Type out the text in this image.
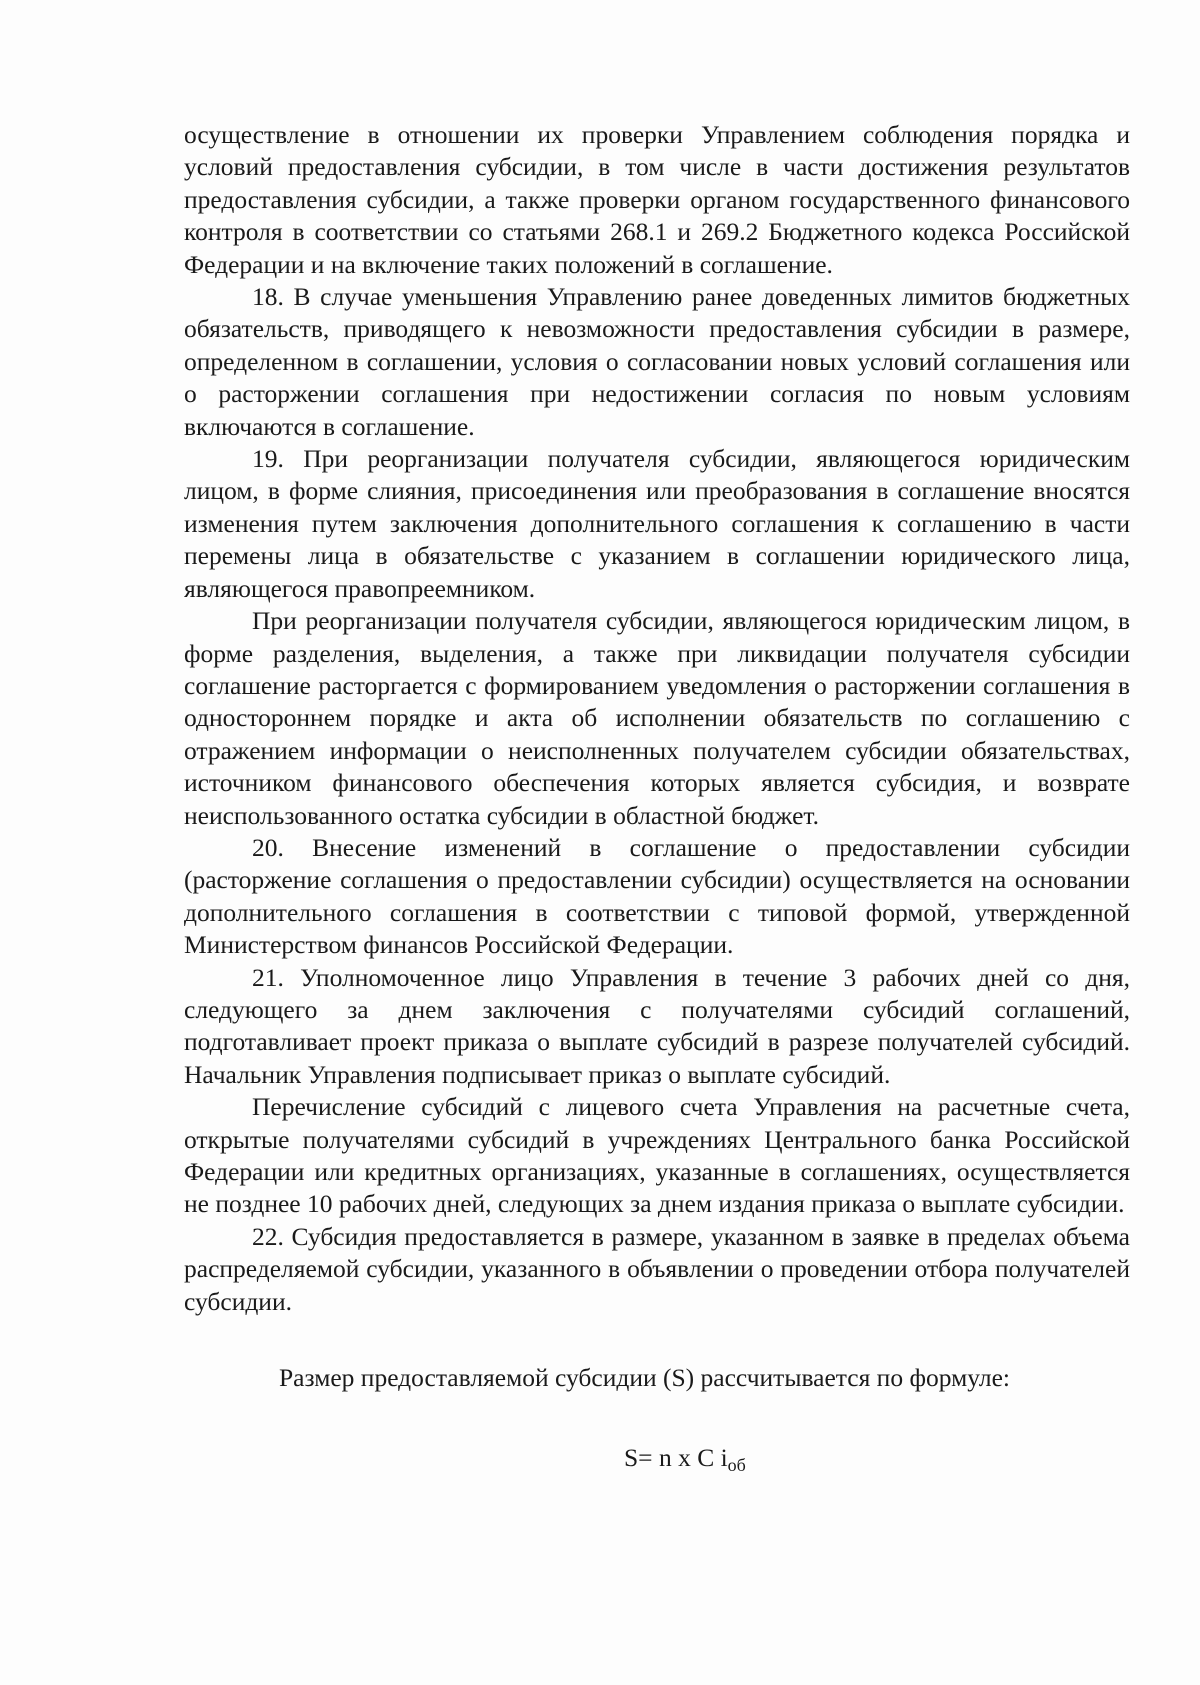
осуществление в отношении их проверки Управлением соблюдения порядка и условий предоставления субсидии, в том числе в части достижения результатов предоставления субсидии, а также проверки органом государственного финансового контроля в соответствии со статьями 268.1 и 269.2 Бюджетного кодекса Российской Федерации и на включение таких положений в соглашение.

18. В случае уменьшения Управлению ранее доведенных лимитов бюджетных обязательств, приводящего к невозможности предоставления субсидии в размере, определенном в соглашении, условия о согласовании новых условий соглашения или о расторжении соглашения при недостижении согласия по новым условиям включаются в соглашение.

19. При реорганизации получателя субсидии, являющегося юридическим лицом, в форме слияния, присоединения или преобразования в соглашение вносятся изменения путем заключения дополнительного соглашения к соглашению в части перемены лица в обязательстве с указанием в соглашении юридического лица, являющегося правопреемником.

При реорганизации получателя субсидии, являющегося юридическим лицом, в форме разделения, выделения, а также при ликвидации получателя субсидии соглашение расторгается с формированием уведомления о расторжении соглашения в одностороннем порядке и акта об исполнении обязательств по соглашению с отражением информации о неисполненных получателем субсидии обязательствах, источником финансового обеспечения которых является субсидия, и возврате неиспользованного остатка субсидии в областной бюджет.

20. Внесение изменений в соглашение о предоставлении субсидии (расторжение соглашения о предоставлении субсидии) осуществляется на основании дополнительного соглашения в соответствии с типовой формой, утвержденной Министерством финансов Российской Федерации.

21. Уполномоченное лицо Управления в течение 3 рабочих дней со дня, следующего за днем заключения с получателями субсидий соглашений, подготавливает проект приказа о выплате субсидий в разрезе получателей субсидий. Начальник Управления подписывает приказ о выплате субсидий.

Перечисление субсидий с лицевого счета Управления на расчетные счета, открытые получателями субсидий в учреждениях Центрального банка Российской Федерации или кредитных организациях, указанные в соглашениях, осуществляется не позднее 10 рабочих дней, следующих за днем издания приказа о выплате субсидии.

22. Субсидия предоставляется в размере, указанном в заявке в пределах объема распределяемой субсидии, указанного в объявлении о проведении отбора получателей субсидии.

Размер предоставляемой субсидии (S) рассчитывается по формуле:

S= n x C $i_{об}$
